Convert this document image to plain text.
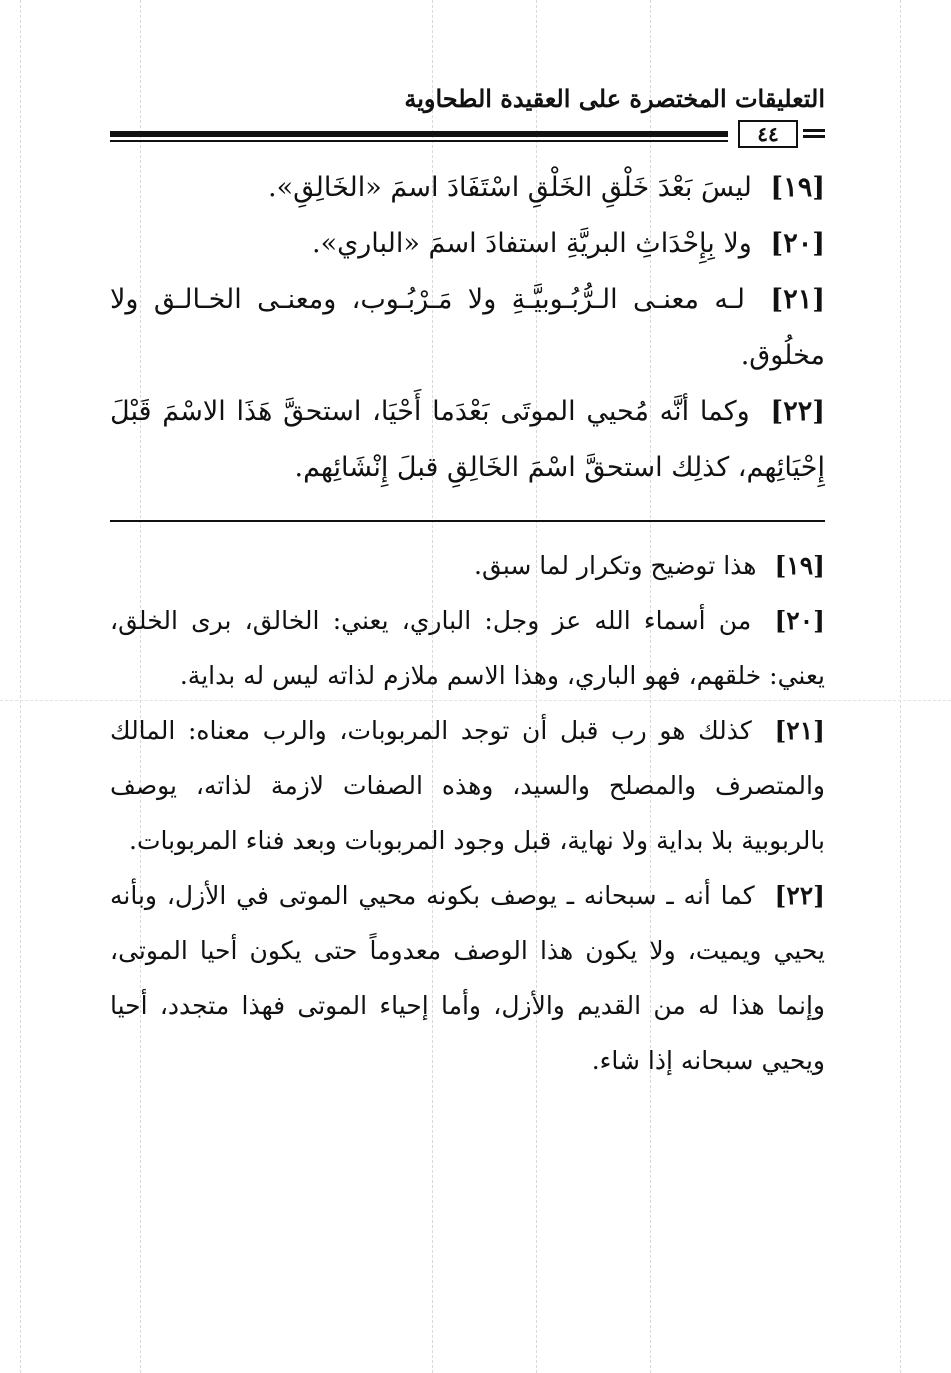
التعليقات المختصرة على العقيدة الطحاوية
٤٤

[١٩] ليسَ بَعْدَ خَلْقِ الخَلْقِ اسْتَفَادَ اسمَ «الخَالِقِ».

[٢٠] ولا بِإِحْدَاثِ البريَّةِ استفادَ اسمَ «الباري».

[٢١] لـه معنـى الـرُّبُـوبيَّـةِ ولا مَـرْبُـوب، ومعنـى الخـالـق ولا مخلُوق.

[٢٢] وكما أنَّه مُحيي الموتَى بَعْدَما أَحْيَا، استحقَّ هَذَا الاسْمَ قَبْلَ إِحْيَائِهم، كذلِك استحقَّ اسْمَ الخَالِقِ قبلَ إِنْشَائِهم.

[١٩] هذا توضيح وتكرار لما سبق.

[٢٠] من أسماء الله عز وجل: الباري، يعني: الخالق، برى الخلق، يعني: خلقهم، فهو الباري، وهذا الاسم ملازم لذاته ليس له بداية.

[٢١] كذلك هو رب قبل أن توجد المربوبات، والرب معناه: المالك والمتصرف والمصلح والسيد، وهذه الصفات لازمة لذاته، يوصف بالربوبية بلا بداية ولا نهاية، قبل وجود المربوبات وبعد فناء المربوبات.

[٢٢] كما أنه ـ سبحانه ـ يوصف بكونه محيي الموتى في الأزل، وبأنه يحيي ويميت، ولا يكون هذا الوصف معدوماً حتى يكون أحيا الموتى، وإنما هذا له من القديم والأزل، وأما إحياء الموتى فهذا متجدد، أحيا ويحيي سبحانه إذا شاء.
